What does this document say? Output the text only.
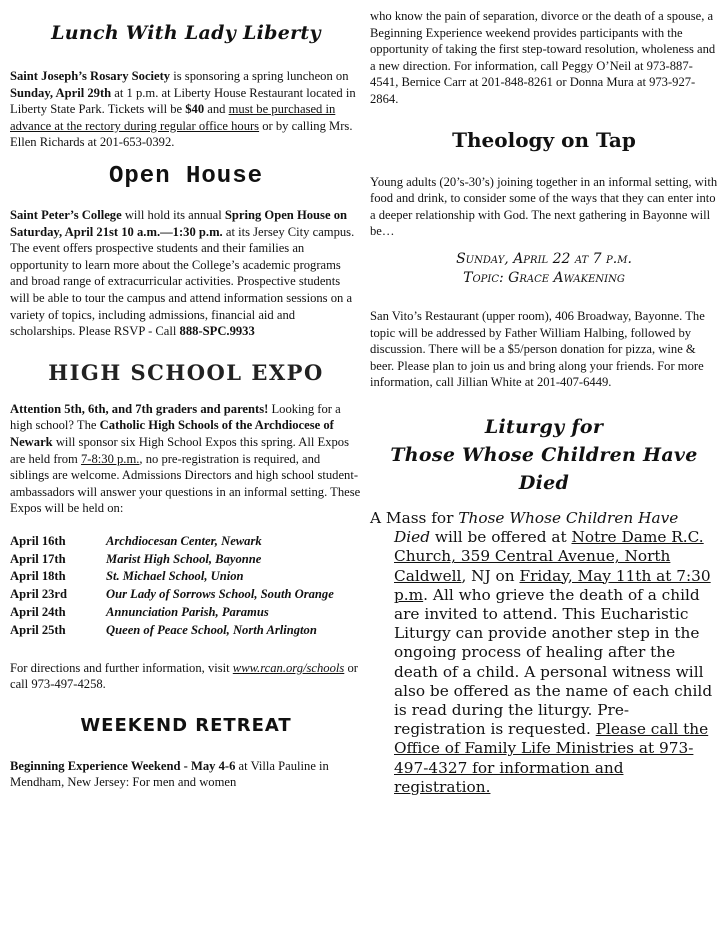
Lunch With Lady Liberty

Saint Joseph’s Rosary Society is sponsoring a spring luncheon on Sunday, April 29th at 1 p.m. at Liberty House Restaurant located in Liberty State Park. Tickets will be $40 and must be purchased in advance at the rectory during regular office hours or by calling Mrs. Ellen Richards at 201-653-0392.

Open House

Saint Peter’s College will hold its annual Spring Open House on Saturday, April 21st 10 a.m.—1:30 p.m. at its Jersey City campus. The event offers prospective students and their families an opportunity to learn more about the College’s academic programs and broad range of extracurricular activities. Prospective students will be able to tour the campus and attend information sessions on a variety of topics, including admissions, financial aid and scholarships. Please RSVP - Call 888-SPC.9933

HIGH SCHOOL EXPO

Attention 5th, 6th, and 7th graders and parents! Looking for a high school? The Catholic High Schools of the Archdiocese of Newark will sponsor six High School Expos this spring. All Expos are held from 7-8:30 p.m., no pre-registration is required, and siblings are welcome. Admissions Directors and high school student-ambassadors will answer your questions in an informal setting. These Expos will be held on:

April 16th	Archdiocesan Center, Newark
April 17th	Marist High School, Bayonne
April 18th	St. Michael School, Union
April 23rd	Our Lady of Sorrows School, South Orange
April 24th	Annunciation Parish, Paramus
April 25th	Queen of Peace School, North Arlington

For directions and further information, visit www.rcan.org/schools or call 973-497-4258.

WEEKEND RETREAT

Beginning Experience Weekend - May 4-6 at Villa Pauline in Mendham, New Jersey: For men and women

who know the pain of separation, divorce or the death of a spouse, a Beginning Experience weekend provides participants with the opportunity of taking the first step-toward resolution, wholeness and a new direction. For information, call Peggy O’Neil at 973-887-4541, Bernice Carr at 201-848-8261 or Donna Mura at 973-927-2864.

Theology on Tap

Young adults (20’s-30’s) joining together in an informal setting, with food and drink, to consider some of the ways that they can enter into a deeper relationship with God. The next gathering in Bayonne will be…

Sunday, April 22 at 7 p.m.

Topic: Grace Awakening

San Vito’s Restaurant (upper room), 406 Broadway, Bayonne. The topic will be addressed by Father William Halbing, followed by discussion. There will be a $5/person donation for pizza, wine & beer. Please plan to join us and bring along your friends. For more information, call Jillian White at 201-407-6449.

Liturgy for
Those Whose Children Have Died

A Mass for Those Whose Children Have Died will be offered at Notre Dame R.C. Church, 359 Central Avenue, North Caldwell, NJ on Friday, May 11th at 7:30 p.m. All who grieve the death of a child are invited to attend. This Eucharistic Liturgy can provide another step in the ongoing process of healing after the death of a child. A personal witness will also be offered as the name of each child is read during the liturgy. Pre-registration is requested. Please call the Office of Family Life Ministries at 973-497-4327 for information and registration.
